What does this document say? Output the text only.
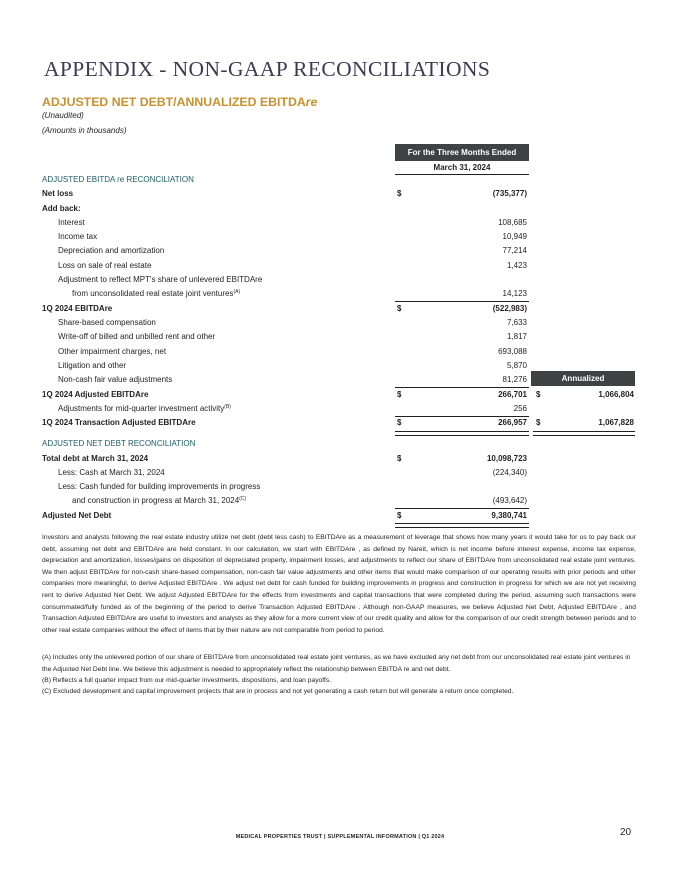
APPENDIX - NON-GAAP RECONCILIATIONS
ADJUSTED NET DEBT/ANNUALIZED EBITDAre
(Unaudited)
(Amounts in thousands)
For the Three Months Ended
March 31, 2024
Annualized
ADJUSTED EBITDA re RECONCILIATION
Net loss	$	(735,377)
Add back:
Interest	108,685
Income tax	10,949
Depreciation and amortization	77,214
Loss on sale of real estate	1,423
Adjustment to reflect MPT's share of unlevered EBITDAre
from unconsolidated real estate joint ventures$^{(A)}$	14,123
1Q 2024 EBITDAre	$	(522,983)
Share-based compensation	7,633
Write-off of billed and unbilled rent and other	1,817
Other impairment charges, net	693,088
Litigation and other	5,870
Non-cash fair value adjustments	81,276
1Q 2024 Adjusted EBITDAre	$	266,701 $	1,066,804
Adjustments for mid-quarter investment activity$^{(B)}$	256
1Q 2024 Transaction Adjusted EBITDAre	$	266,957 $	1,067,828
ADJUSTED NET DEBT RECONCILIATION
Total debt at March 31, 2024	$	10,098,723
Less: Cash at March 31, 2024	(224,340)
Less: Cash funded for building improvements in progress
and construction in progress at March 31, $2024^{(C)}$	(493,642)
Adjusted Net Debt	$	9,380,741
Investors and analysts following the real estate industry utilize net debt (debt less cash) to EBITDAre as a measurement of leverage that shows how many years it would take for us to pay back our debt, assuming net debt and EBITDAre are held constant. In our calculation, we start with EBITDAre , as defined by Nareit, which is net income before interest expense, income tax expense, depreciation and amortization, losses/gains on disposition of depreciated property, impairment losses, and adjustments to reflect our share of EBITDAre from unconsolidated real estate joint ventures. We then adjust EBITDAre for non-cash share-based compensation, non-cash fair value adjustments and other items that would make comparison of our operating results with prior periods and other companies more meaningful, to derive Adjusted EBITDAre . We adjust net debt for cash funded for building improvements in progress and construction in progress for which we are not yet receiving rent to derive Adjusted Net Debt. We adjust Adjusted EBITDAre for the effects from investments and capital transactions that were completed during the period, assuming such transactions were consummated/fully funded as of the beginning of the period to derive Transaction Adjusted EBITDAre . Although non-GAAP measures, we believe Adjusted Net Debt, Adjusted EBITDAre , and Transaction Adjusted EBITDAre are useful to investors and analysts as they allow for a more current view of our credit quality and allow for the comparison of our credit strength between periods and to other real estate companies without the effect of items that by their nature are not comparable from period to period.
(A) Includes only the unlevered portion of our share of EBITDAre from unconsolidated real estate joint ventures, as we have excluded any net debt from our unconsolidated real estate joint ventures in the Adjusted Net Debt line. We believe this adjustment is needed to appropriately reflect the relationship between EBITDA re and net debt.
(B) Reflects a full quarter impact from our mid-quarter investments, dispositions, and loan payoffs.
(C) Excluded development and capital improvement projects that are in process and not yet generating a cash return but will generate a return once completed.
MEDICAL PROPERTIES TRUST | SUPPLEMENTAL INFORMATION | Q1 2024	20
